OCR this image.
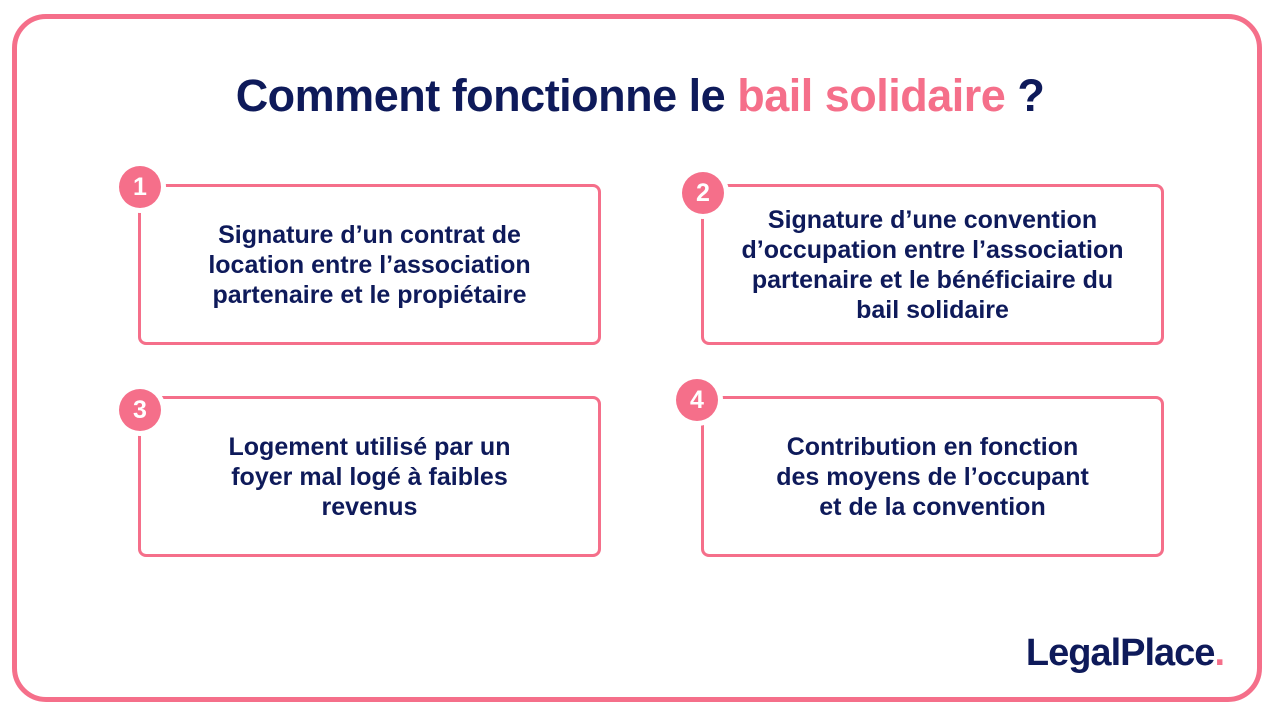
Comment fonctionne le bail solidaire ?
Signature d’un contrat de
location entre l’association
partenaire et le propiétaire
1
Signature d’une convention
d’occupation entre l’association
partenaire et le bénéficiaire du
bail solidaire
2
Logement utilisé par un
foyer mal logé à faibles
revenus
3
Contribution en fonction
des moyens de l’occupant
et de la convention
4
LegalPlace.
